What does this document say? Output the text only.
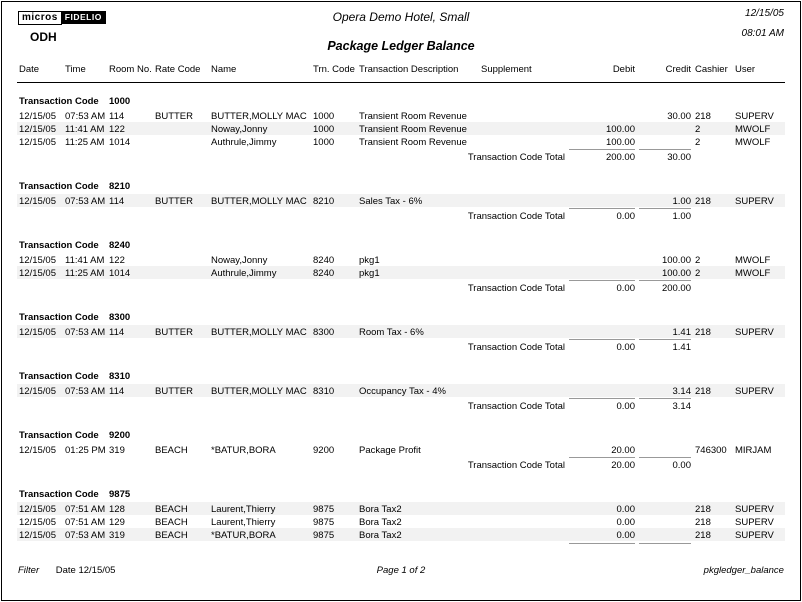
micros FIDELIO
ODH
Opera Demo Hotel, Small
Package Ledger Balance
12/15/05
08:01 AM
Date	Time	Room No.	Rate Code	Name	Trn. Code	Transaction Description	Supplement	Debit	Credit	Cashier	User
Transaction Code		1000									
12/15/05	07:53 AM	114	BUTTER	BUTTER,MOLLY MAC	1000	Transient Room Revenue			30.00	218	SUPERV
12/15/05	11:41 AM	122		Noway,Jonny	1000	Transient Room Revenue		100.00		2	MWOLF
12/15/05	11:25 AM	1014		Authrule,Jimmy	1000	Transient Room Revenue		100.00		2	MWOLF
						Transaction Code Total		200.00	30.00		

Transaction Code		8210									
12/15/05	07:53 AM	114	BUTTER	BUTTER,MOLLY MAC	8210	Sales Tax - 6%			1.00	218	SUPERV
						Transaction Code Total		0.00	1.00		

Transaction Code		8240									
12/15/05	11:41 AM	122		Noway,Jonny	8240	pkg1			100.00	2	MWOLF
12/15/05	11:25 AM	1014		Authrule,Jimmy	8240	pkg1			100.00	2	MWOLF
						Transaction Code Total		0.00	200.00		

Transaction Code		8300									
12/15/05	07:53 AM	114	BUTTER	BUTTER,MOLLY MAC	8300	Room Tax - 6%			1.41	218	SUPERV
						Transaction Code Total		0.00	1.41		

Transaction Code		8310									
12/15/05	07:53 AM	114	BUTTER	BUTTER,MOLLY MAC	8310	Occupancy Tax - 4%			3.14	218	SUPERV
						Transaction Code Total		0.00	3.14		

Transaction Code		9200									
12/15/05	01:25 PM	319	BEACH	*BATUR,BORA	9200	Package Profit		20.00		746300	MIRJAM
						Transaction Code Total		20.00	0.00		

Transaction Code		9875									
12/15/05	07:51 AM	128	BEACH	Laurent,Thierry	9875	Bora Tax2		0.00		218	SUPERV
12/15/05	07:51 AM	129	BEACH	Laurent,Thierry	9875	Bora Tax2		0.00		218	SUPERV
12/15/05	07:53 AM	319	BEACH	*BATUR,BORA	9875	Bora Tax2		0.00		218	SUPERV

Filter Date 12/15/05	Page 1 of 2	pkgledger_balance
